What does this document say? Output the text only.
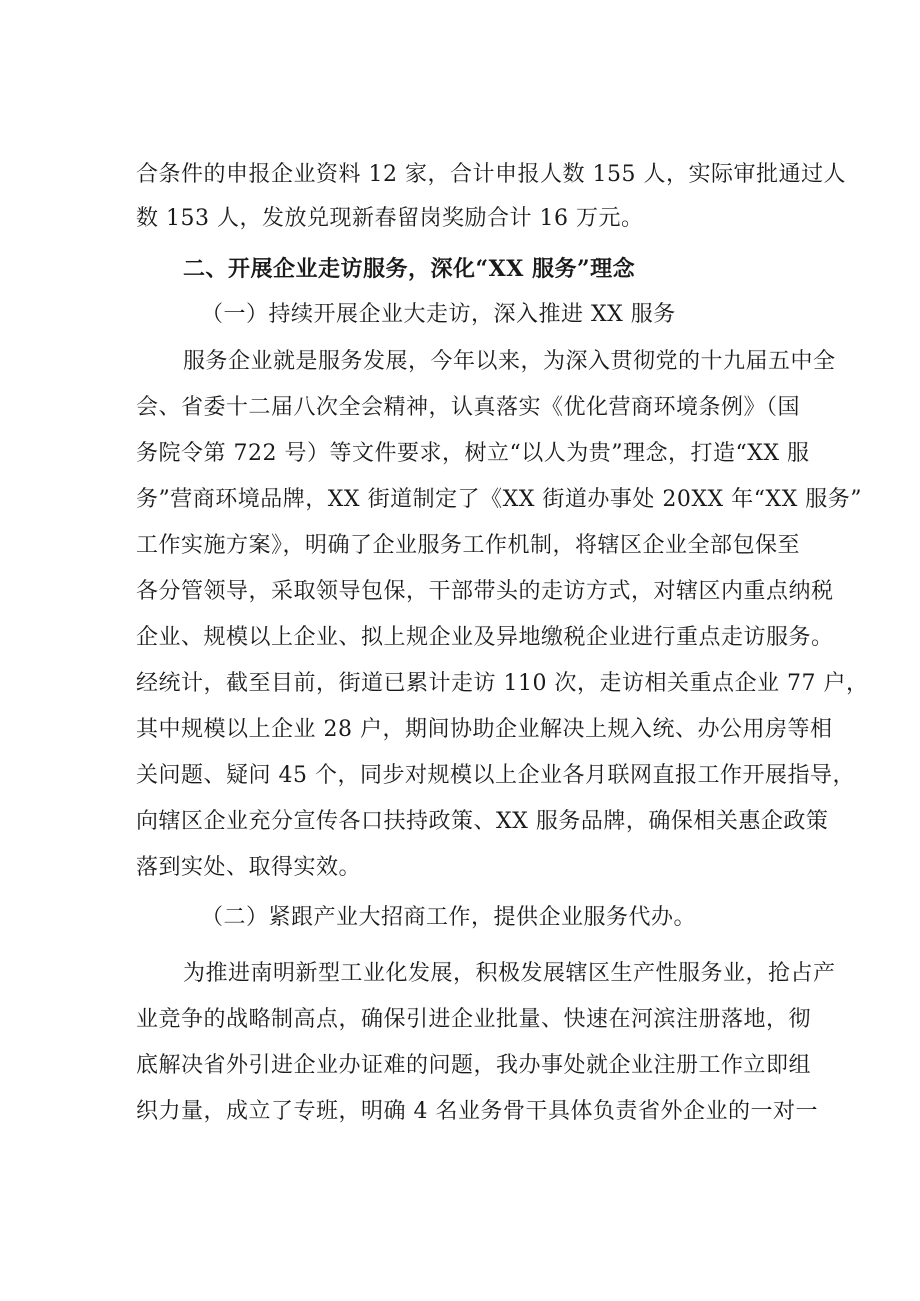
合条件的申报企业资料 12 家，合计申报人数 155 人，实际审批通过人
数 153 人，发放兑现新春留岗奖励合计 16 万元。
二、开展企业走访服务，深化“XX 服务”理念
（一）持续开展企业大走访，深入推进 XX 服务
服务企业就是服务发展，今年以来，为深入贯彻党的十九届五中全
会、省委十二届八次全会精神，认真落实《优化营商环境条例》（国
务院令第 722 号）等文件要求，树立“以人为贵”理念，打造“XX 服
务”营商环境品牌，XX 街道制定了《XX 街道办事处 20XX 年“XX 服务”
工作实施方案》，明确了企业服务工作机制，将辖区企业全部包保至
各分管领导，采取领导包保，干部带头的走访方式，对辖区内重点纳税
企业、规模以上企业、拟上规企业及异地缴税企业进行重点走访服务。
经统计，截至目前，街道已累计走访 110 次，走访相关重点企业 77 户，
其中规模以上企业 28 户，期间协助企业解决上规入统、办公用房等相
关问题、疑问 45 个，同步对规模以上企业各月联网直报工作开展指导，
向辖区企业充分宣传各口扶持政策、XX 服务品牌，确保相关惠企政策
落到实处、取得实效。
（二）紧跟产业大招商工作，提供企业服务代办。
为推进南明新型工业化发展，积极发展辖区生产性服务业，抢占产
业竞争的战略制高点，确保引进企业批量、快速在河滨注册落地，彻
底解决省外引进企业办证难的问题，我办事处就企业注册工作立即组
织力量，成立了专班，明确 4 名业务骨干具体负责省外企业的一对一
